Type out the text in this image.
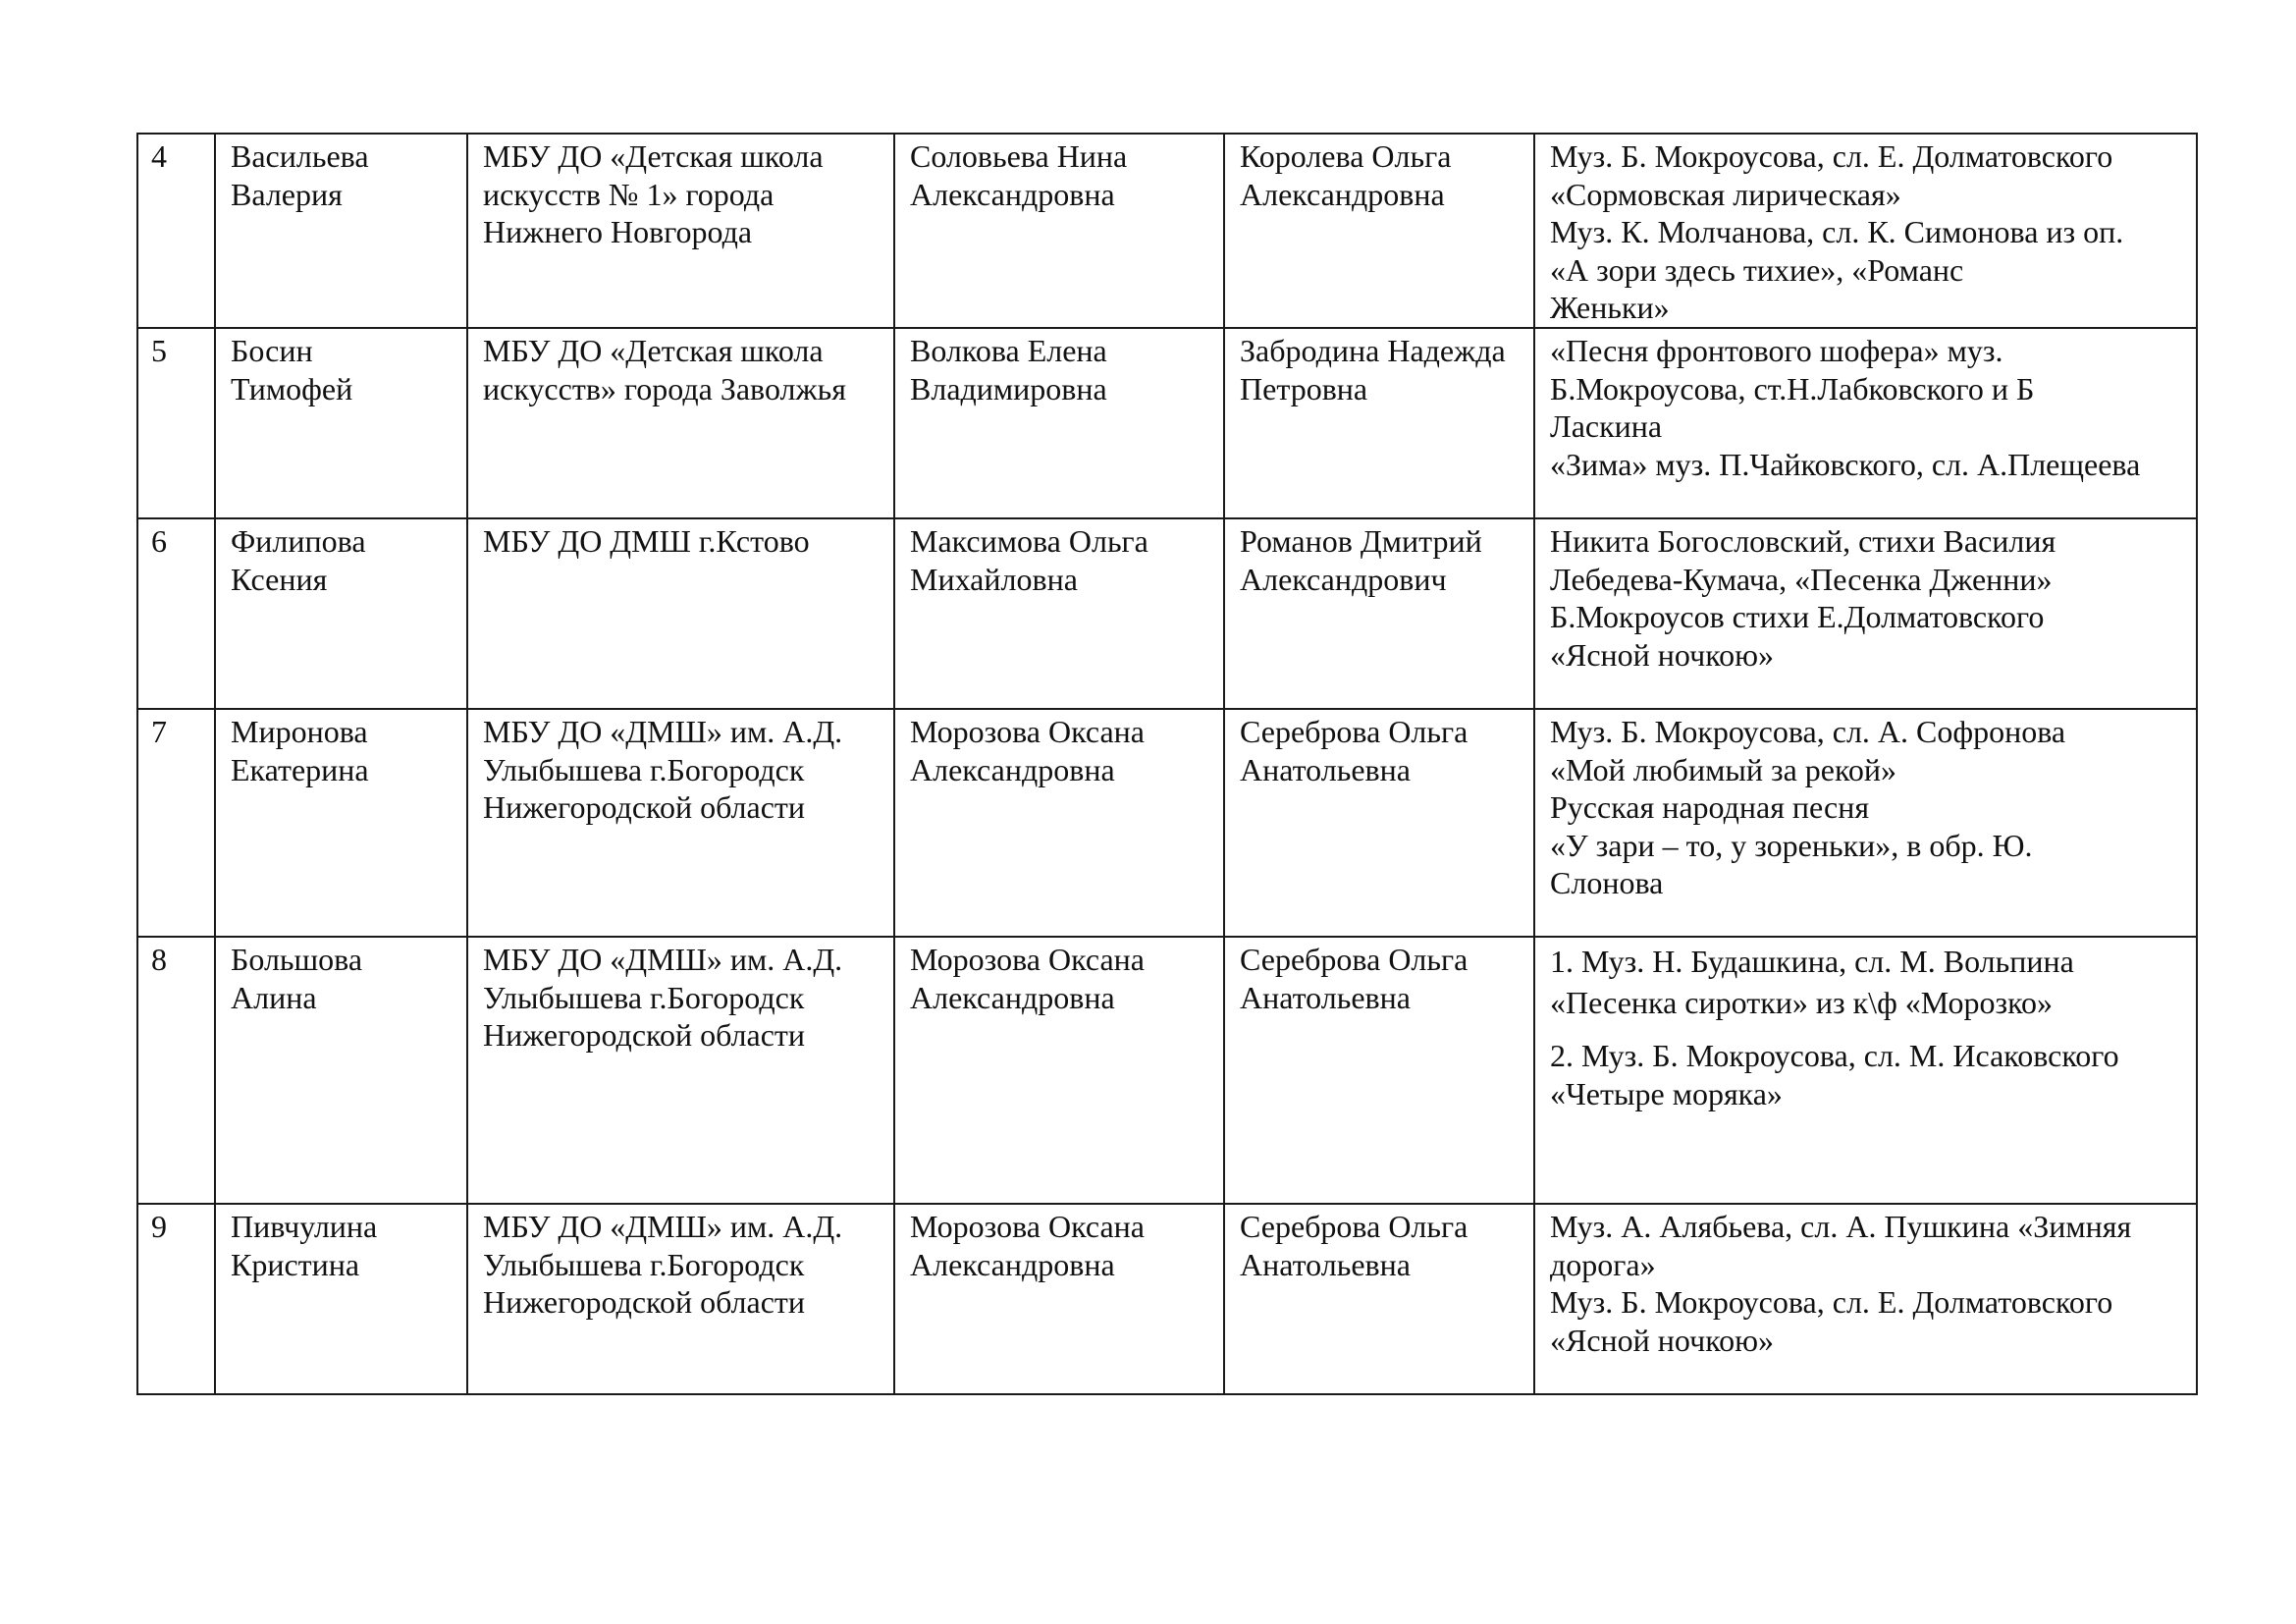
4	Васильева
Валерия	МБУ ДО «Детская школа
искусств № 1» города
Нижнего Новгорода	Соловьева Нина
Александровна	Королева Ольга
Александровна	Муз. Б. Мокроусова, сл. Е. Долматовского
«Сормовская лирическая»
Муз. К. Молчанова, сл. К. Симонова из оп.
«А зори здесь тихие», «Романс
Женьки»

5	Босин
Тимофей	МБУ ДО «Детская школа
искусств» города Заволжья	Волкова Елена
Владимировна	Забродина Надежда
Петровна	«Песня фронтового шофера» муз.
Б.Мокроусова, ст.Н.Лабковского и Б
Ласкина
«Зима» муз. П.Чайковского, сл. А.Плещеева

6	Филипова
Ксения	МБУ ДО ДМШ г.Кстово	Максимова Ольга
Михайловна	Романов Дмитрий
Александрович	Никита Богословский, стихи Василия
Лебедева-Кумача, «Песенка Дженни»
Б.Мокроусов стихи Е.Долматовского
«Ясной ночкою»

7	Миронова
Екатерина	МБУ ДО «ДМШ» им. А.Д.
Улыбышева г.Богородск
Нижегородской области	Морозова Оксана
Александровна	Сереброва Ольга
Анатольевна	Муз. Б. Мокроусова, сл. А. Софронова
«Мой любимый за рекой»
Русская народная песня
«У зари – то, у зореньки», в обр. Ю.
Слонова

8	Большова
Алина	МБУ ДО «ДМШ» им. А.Д.
Улыбышева г.Богородск
Нижегородской области	Морозова Оксана
Александровна	Сереброва Ольга
Анатольевна	1. Муз. Н. Будашкина, сл. М. Вольпина
«Песенка сиротки» из к\ф «Морозко»
2. Муз. Б. Мокроусова, сл. М. Исаковского
«Четыре моряка»

9	Пивчулина
Кристина	МБУ ДО «ДМШ» им. А.Д.
Улыбышева г.Богородск
Нижегородской области	Морозова Оксана
Александровна	Сереброва Ольга
Анатольевна	Муз. А. Алябьева, сл. А. Пушкина «Зимняя
дорога»
Муз. Б. Мокроусова, сл. Е. Долматовского
«Ясной ночкою»
